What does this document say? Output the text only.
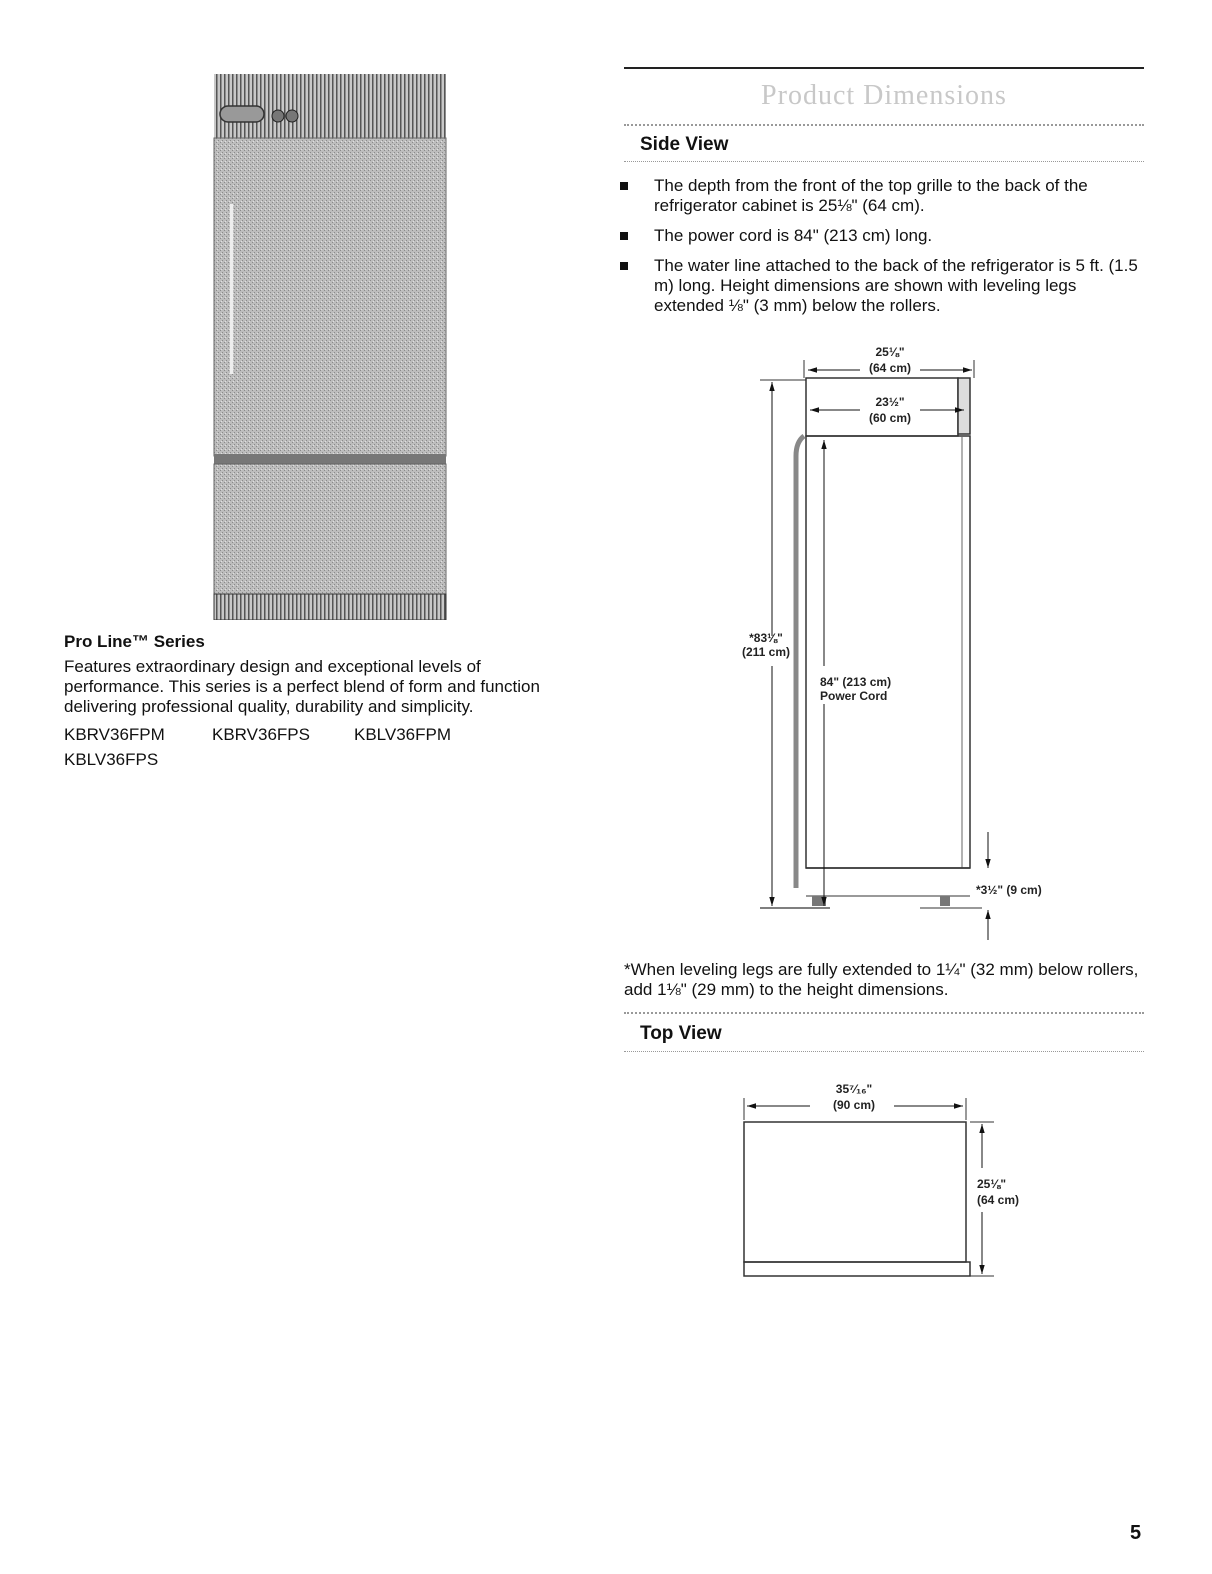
Pro Line™ Series
Features extraordinary design and exceptional levels of performance. This series is a perfect blend of form and function delivering professional quality, durability and simplicity.
KBRV36FPM	KBRV36FPS	KBLV36FPM
KBLV36FPS
Product Dimensions
Side View
The depth from the front of the top grille to the back of the refrigerator cabinet is 25⅛" (64 cm).
The power cord is 84" (213 cm) long.
The water line attached to the back of the refrigerator is 5 ft. (1.5 m) long. Height dimensions are shown with leveling legs extended ⅛" (3 mm) below the rollers.
25⅛"
(64 cm)
23½"
(60 cm)
*83⅛"
(211 cm)
84" (213 cm)
Power Cord
*3½" (9 cm)
*When leveling legs are fully extended to 1¼" (32 mm) below rollers, add 1⅛" (29 mm) to the height dimensions.
Top View
35⁷⁄₁₆"
(90 cm)
25⅛"
(64 cm)
5
